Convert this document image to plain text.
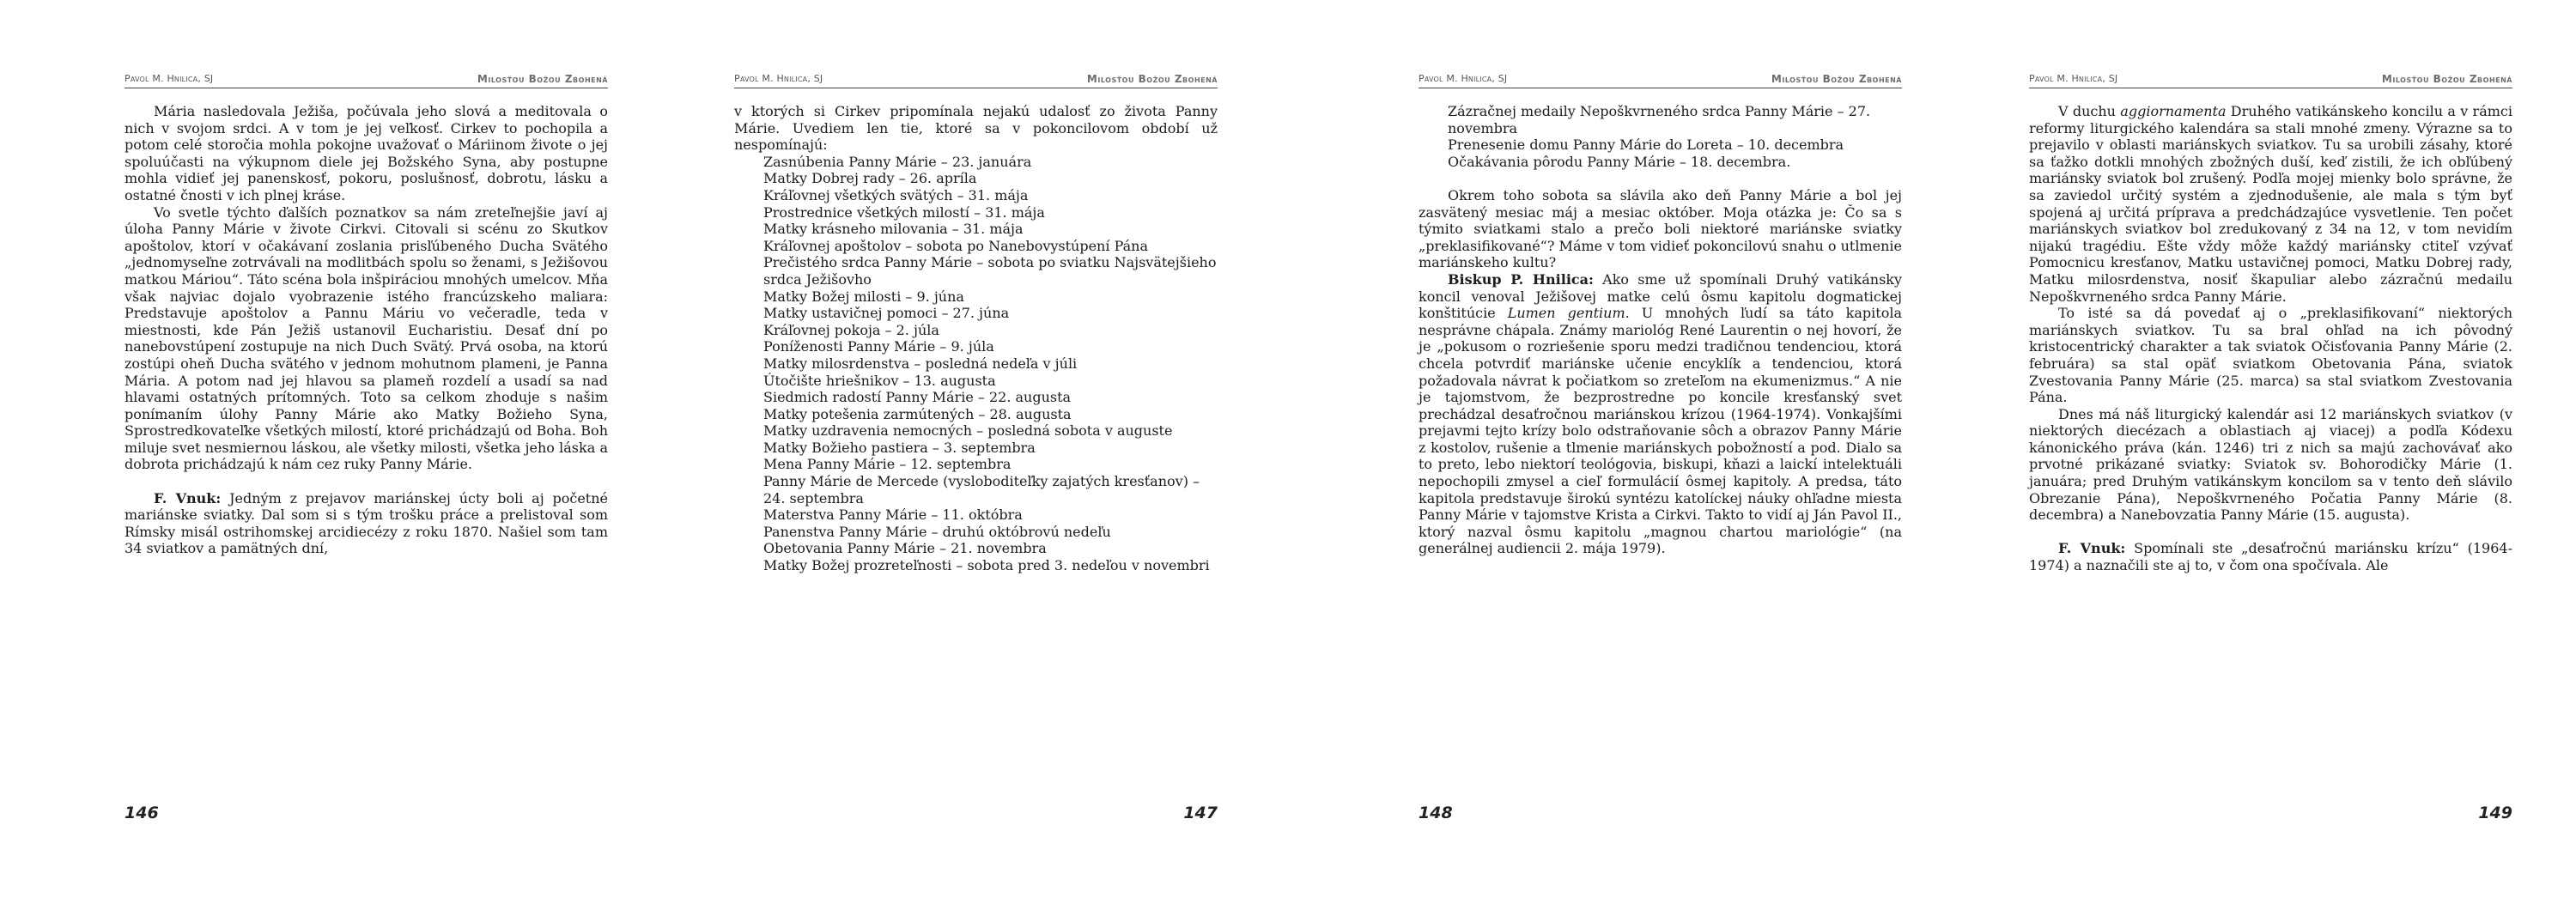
Pavol M. Hnilica, SJ	Milosťou Božou Zbohená

Mária nasledovala Ježiša, počúvala jeho slová a meditovala o nich v svojom srdci. A v tom je jej veľkosť. Cirkev to pochopila a potom celé storočia mohla pokojne uvažovať o Máriinom živote o jej spoluúčasti na výkupnom diele jej Božského Syna, aby postupne mohla vidieť jej panenskosť, pokoru, poslušnosť, dobrotu, lásku a ostatné čnosti v ich plnej kráse.

Vo svetle týchto ďalších poznatkov sa nám zreteľnejšie javí aj úloha Panny Márie v živote Cirkvi. Citovali si scénu zo Skutkov apoštolov, ktorí v očakávaní zoslania prisľúbeného Ducha Svätého „jednomyseľne zotrvávali na modlitbách spolu so ženami, s Ježišovou matkou Máriou“. Táto scéna bola inšpiráciou mnohých umelcov. Mňa však najviac dojalo vyobrazenie istého francúzskeho maliara: Predstavuje apoštolov a Pannu Máriu vo večeradle, teda v miestnosti, kde Pán Ježiš ustanovil Eucharistiu. Desať dní po nanebovstúpení zostupuje na nich Duch Svätý. Prvá osoba, na ktorú zostúpi oheň Ducha svätého v jednom mohutnom plameni, je Panna Mária. A potom nad jej hlavou sa plameň rozdelí a usadí sa nad hlavami ostatných prítomných. Toto sa celkom zhoduje s našim ponímaním úlohy Panny Márie ako Matky Božieho Syna, Sprostredkovateľke všetkých milostí, ktoré prichádzajú od Boha. Boh miluje svet nesmiernou láskou, ale všetky milosti, všetka jeho láska a dobrota prichádzajú k nám cez ruky Panny Márie.

F. Vnuk: Jedným z prejavov mariánskej úcty boli aj početné mariánske sviatky. Dal som si s tým trošku práce a prelistoval som Rímsky misál ostrihomskej arcidiecézy z roku 1870. Našiel som tam 34 sviatkov a pamätných dní,

146
Pavol M. Hnilica, SJ	Milosťou Božou Zbohená

v ktorých si Cirkev pripomínala nejakú udalosť zo života Panny Márie. Uvediem len tie, ktoré sa v pokoncilovom období už nespomínajú:

Zasnúbenia Panny Márie – 23. januára
Matky Dobrej rady – 26. apríla
Kráľovnej všetkých svätých – 31. mája
Prostrednice všetkých milostí – 31. mája
Matky krásneho milovania – 31. mája
Kráľovnej apoštolov – sobota po Nanebovystúpení Pána
Prečistého srdca Panny Márie – sobota po sviatku Najsvätejšieho srdca Ježišovho
Matky Božej milosti – 9. júna
Matky ustavičnej pomoci – 27. júna
Kráľovnej pokoja – 2. júla
Poníženosti Panny Márie – 9. júla
Matky milosrdenstva – posledná nedeľa v júli
Útočište hriešnikov – 13. augusta
Siedmich radostí Panny Márie – 22. augusta
Matky potešenia zarmútených – 28. augusta
Matky uzdravenia nemocných – posledná sobota v auguste
Matky Božieho pastiera – 3. septembra
Mena Panny Márie – 12. septembra
Panny Márie de Mercede (vysloboditeľky zajatých kresťanov) – 24. septembra
Materstva Panny Márie – 11. októbra
Panenstva Panny Márie – druhú októbrovú nedeľu
Obetovania Panny Márie – 21. novembra
Matky Božej prozreteľnosti – sobota pred 3. nedeľou v novembri
147
Pavol M. Hnilica, SJ	Milosťou Božou Zbohená
Zázračnej medaily Nepoškvrneného srdca Panny Márie – 27. novembra
Prenesenie domu Panny Márie do Loreta – 10. decembra
Očakávania pôrodu Panny Márie – 18. decembra.

Okrem toho sobota sa slávila ako deň Panny Márie a bol jej zasvätený mesiac máj a mesiac október. Moja otázka je: Čo sa s týmito sviatkami stalo a prečo boli niektoré mariánske sviatky „preklasifikované“? Máme v tom vidieť pokoncilovú snahu o utlmenie mariánskeho kultu?

Biskup P. Hnilica: Ako sme už spomínali Druhý vatikánsky koncil venoval Ježišovej matke celú ôsmu kapitolu dogmatickej konštitúcie Lumen gentium. U mnohých ľudí sa táto kapitola nesprávne chápala. Známy mariológ René Laurentin o nej hovorí, že je „pokusom o rozriešenie sporu medzi tradičnou tendenciou, ktorá chcela potvrdiť mariánske učenie encyklík a tendenciou, ktorá požadovala návrat k počiatkom so zreteľom na ekumenizmus.“ A nie je tajomstvom, že bezprostredne po koncile kresťanský svet prechádzal desaťročnou mariánskou krízou (1964-1974). Vonkajšími prejavmi tejto krízy bolo odstraňovanie sôch a obrazov Panny Márie z kostolov, rušenie a tlmenie mariánskych pobožností a pod. Dialo sa to preto, lebo niektorí teológovia, biskupi, kňazi a laickí intelektuáli nepochopili zmysel a cieľ formulácií ôsmej kapitoly. A predsa, táto kapitola predstavuje širokú syntézu katolíckej náuky ohľadne miesta Panny Márie v tajomstve Krista a Cirkvi. Takto to vidí aj Ján Pavol II., ktorý nazval ôsmu kapitolu „magnou chartou mariológie“ (na generálnej audiencii 2. mája 1979).

148
Pavol M. Hnilica, SJ	Milosťou Božou Zbohená

V duchu aggiornamenta Druhého vatikánskeho koncilu a v rámci reformy liturgického kalendára sa stali mnohé zmeny. Výrazne sa to prejavilo v oblasti mariánskych sviatkov. Tu sa urobili zásahy, ktoré sa ťažko dotkli mnohých zbožných duší, keď zistili, že ich obľúbený mariánsky sviatok bol zrušený. Podľa mojej mienky bolo správne, že sa zaviedol určitý systém a zjednodušenie, ale mala s tým byť spojená aj určitá príprava a predchádzajúce vysvetlenie. Ten počet mariánskych sviatkov bol zredukovaný z 34 na 12, v tom nevidím nijakú tragédiu. Ešte vždy môže každý mariánsky ctiteľ vzývať Pomocnicu kresťanov, Matku ustavičnej pomoci, Matku Dobrej rady, Matku milosrdenstva, nosiť škapuliar alebo zázračnú medailu Nepoškvrneného srdca Panny Márie.

To isté sa dá povedať aj o „preklasifikovaní“ niektorých mariánskych sviatkov. Tu sa bral ohľad na ich pôvodný kristocentrický charakter a tak sviatok Očisťovania Panny Márie (2. februára) sa stal opäť sviatkom Obetovania Pána, sviatok Zvestovania Panny Márie (25. marca) sa stal sviatkom Zvestovania Pána.

Dnes má náš liturgický kalendár asi 12 mariánskych sviatkov (v niektorých diecézach a oblastiach aj viacej) a podľa Kódexu kánonického práva (kán. 1246) tri z nich sa majú zachovávať ako prvotné prikázané sviatky: Sviatok sv. Bohorodičky Márie (1. januára; pred Druhým vatikánskym koncilom sa v tento deň slávilo Obrezanie Pána), Nepoškvrneného Počatia Panny Márie (8. decembra) a Nanebovzatia Panny Márie (15. augusta).

F. Vnuk: Spomínali ste „desaťročnú mariánsku krízu“ (1964-1974) a naznačili ste aj to, v čom ona spočívala. Ale

149
